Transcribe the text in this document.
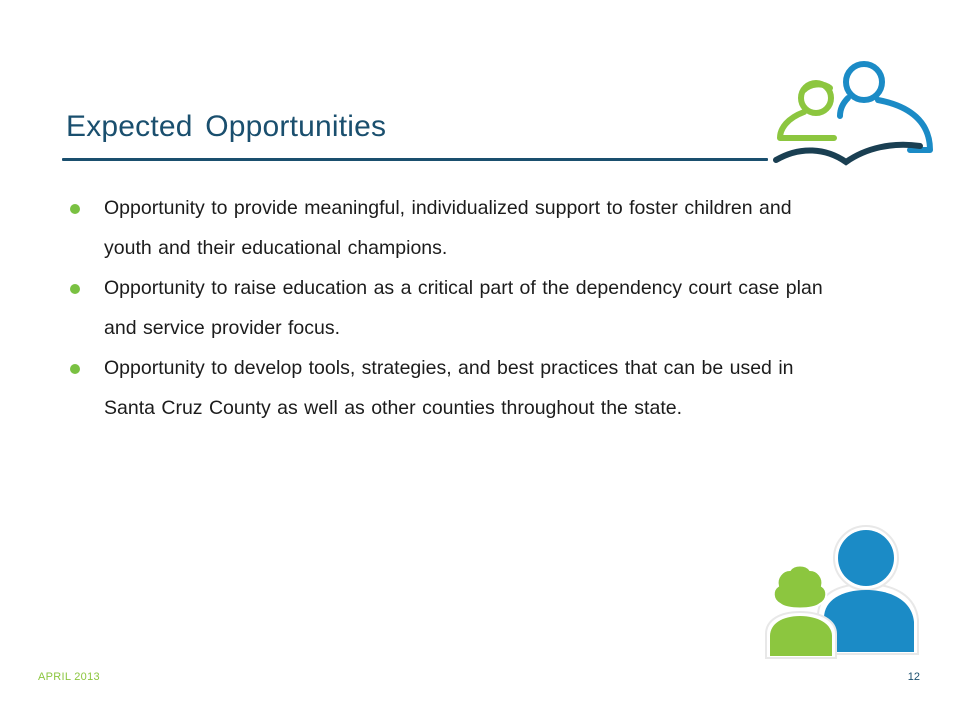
Expected Opportunities
Opportunity to provide meaningful, individualized support to foster children and youth and their educational champions.
Opportunity to raise education as a critical part of the dependency court case plan and service provider focus.
Opportunity to develop tools, strategies, and best practices that can be used in Santa Cruz County as well as other counties throughout the state.
APRIL 2013	12
